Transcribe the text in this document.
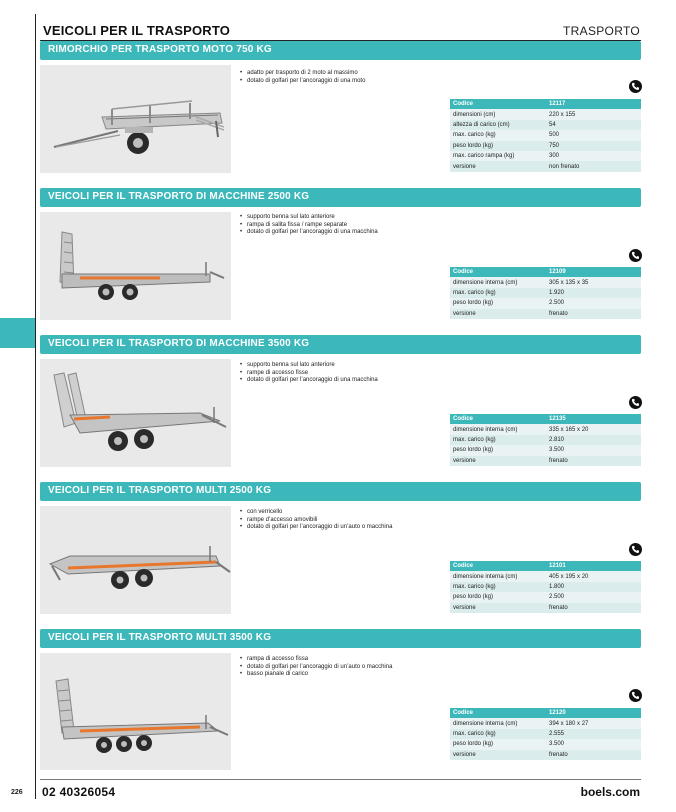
VEICOLI PER IL TRASPORTO	TRASPORTO
RIMORCHIO PER TRASPORTO MOTO 750 KG
• adatto per trasporto di 2 moto al massimo
• dotato di golfari per l’ancoraggio di una moto
Codice	12117
dimensioni (cm)	220 x 155
altezza di carico (cm)	54
max. carico (kg)	500
peso lordo (kg)	750
max. carico rampa (kg)	300
versione	non frenato
VEICOLI PER IL TRASPORTO DI MACCHINE 2500 KG
• supporto benna sul lato anteriore
• rampa di salita fissa / rampe separate
• dotato di golfari per l’ancoraggio di una macchina
Codice	12109
dimensione interna (cm)	305 x 135 x 35
max. carico (kg)	1.920
peso lordo (kg)	2.500
versione	frenato
VEICOLI PER IL TRASPORTO DI MACCHINE 3500 KG
• supporto benna sul lato anteriore
• rampe di accesso fisse
• dotato di golfari per l’ancoraggio di una macchina
Codice	12135
dimensione interna (cm)	335 x 165 x 20
max. carico (kg)	2.810
peso lordo (kg)	3.500
versione	frenato
VEICOLI PER IL TRASPORTO MULTI 2500 KG
• con verricello
• rampe d’accesso amovibili
• dotato di golfari per l’ancoraggio di un’auto o macchina
Codice	12101
dimensione interna (cm)	405 x 195 x 20
max. carico (kg)	1.800
peso lordo (kg)	2.500
versione	frenato
VEICOLI PER IL TRASPORTO MULTI 3500 KG
• rampa di accesso fissa
• dotato di golfari per l’ancoraggio di un’auto o macchina
• basso pianale di carico
Codice	12120
dimensione interna (cm)	394 x 180 x 27
max. carico (kg)	2.555
peso lordo (kg)	3.500
versione	frenato
226 02 40326054	boels.com
